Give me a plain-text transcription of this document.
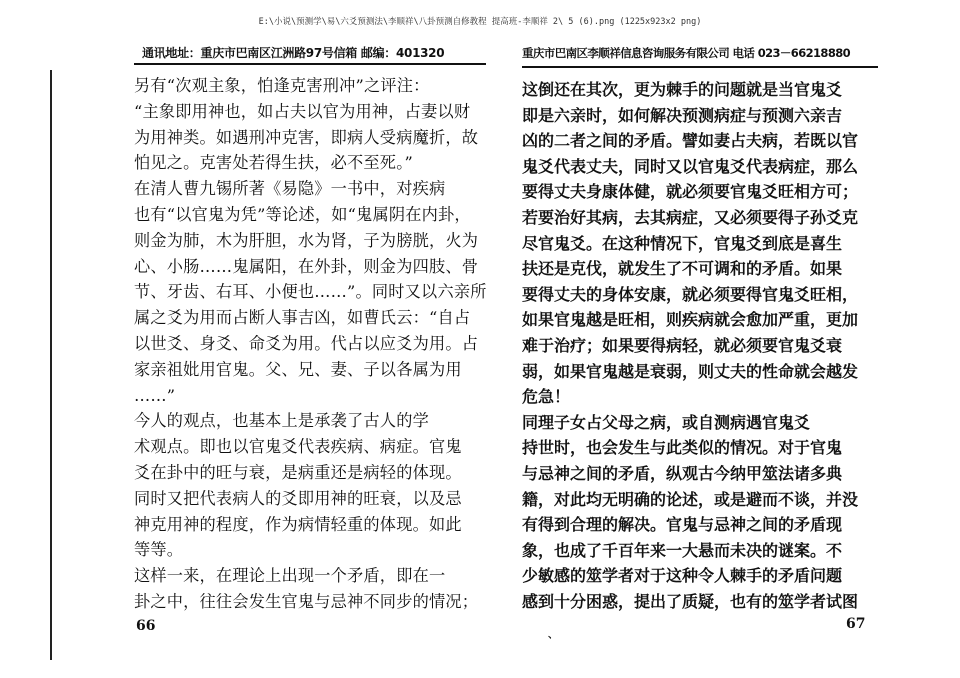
E:\小说\预测学\易\六爻预测法\李顺祥\八卦预测自修教程 提高班-李顺祥 2\ 5 (6).png (1225x923x2 png)
通讯地址：重庆市巴南区江洲路97号信箱 邮编：401320
另有“次观主象，怕逢克害刑冲”之评注：
“主象即用神也，如占夫以官为用神，占妻以财
为用神类。如遇刑冲克害，即病人受病魔折，故
怕见之。克害处若得生扶，必不至死。”
在清人曹九锡所著《易隐》一书中，对疾病
也有“以官鬼为凭”等论述，如“鬼属阴在内卦，
则金为肺，木为肝胆，水为肾，子为膀胱，火为
心、小肠……鬼属阳，在外卦，则金为四肢、骨
节、牙齿、右耳、小便也……”。同时又以六亲所
属之爻为用而占断人事吉凶，如曹氏云：“自占
以世爻、身爻、命爻为用。代占以应爻为用。占
家亲祖妣用官鬼。父、兄、妻、子以各属为用
……”
今人的观点，也基本上是承袭了古人的学
术观点。即也以官鬼爻代表疾病、病症。官鬼
爻在卦中的旺与衰，是病重还是病轻的体现。
同时又把代表病人的爻即用神的旺衰，以及忌
神克用神的程度，作为病情轻重的体现。如此
等等。
这样一来，在理论上出现一个矛盾，即在一
卦之中，往往会发生官鬼与忌神不同步的情况；
66
重庆市巴南区李顺祥信息咨询服务有限公司 电话 023－66218880
这倒还在其次，更为棘手的问题就是当官鬼爻
即是六亲时，如何解决预测病症与预测六亲吉
凶的二者之间的矛盾。譬如妻占夫病，若既以官
鬼爻代表丈夫，同时又以官鬼爻代表病症，那么
要得丈夫身康体健，就必须要官鬼爻旺相方可；
若要治好其病，去其病症，又必须要得子孙爻克
尽官鬼爻。在这种情况下，官鬼爻到底是喜生
扶还是克伐，就发生了不可调和的矛盾。如果
要得丈夫的身体安康，就必须要得官鬼爻旺相，
如果官鬼越是旺相，则疾病就会愈加严重，更加
难于治疗；如果要得病轻，就必须要官鬼爻衰
弱，如果官鬼越是衰弱，则丈夫的性命就会越发
危急！
同理子女占父母之病，或自测病遇官鬼爻
持世时，也会发生与此类似的情况。对于官鬼
与忌神之间的矛盾，纵观古今纳甲筮法诸多典
籍，对此均无明确的论述，或是避而不谈，并没
有得到合理的解决。官鬼与忌神之间的矛盾现
象，也成了千百年来一大悬而未决的谜案。不
少敏感的筮学者对于这种令人棘手的矛盾问题
感到十分困惑，提出了质疑，也有的筮学者试图
67
、
